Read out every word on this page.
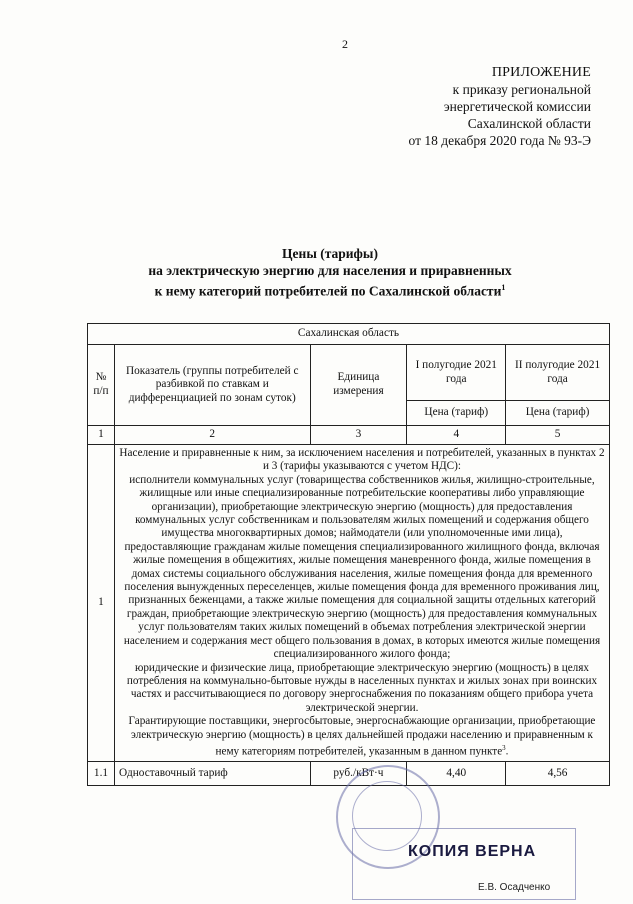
2
ПРИЛОЖЕНИЕ
к приказу региональной
энергетической комиссии
Сахалинской области
от 18 декабря 2020 года № 93-Э
Цены (тарифы)
на электрическую энергию для населения и приравненных
к нему категорий потребителей по Сахалинской области$^1$
Сахалинская область				
№ п/п	Показатель (группы потребителей с разбивкой по ставкам и дифференциацией по зонам суток)	Единица измерения	I полугодие 2021 года	II полугодие 2021 года
			Цена (тариф)	Цена (тариф)
1	2	3	4	5
1	Население и приравненные к ним, за исключением населения и потребителей, указанных в пунктах 2 и 3 (тарифы указываются с учетом НДС):

исполнители коммунальных услуг (товарищества собственников жилья, жилищно-строительные, жилищные или иные специализированные потребительские кооперативы либо управляющие организации), приобретающие электрическую энергию (мощность) для предоставления коммунальных услуг собственникам и пользователям жилых помещений и содержания общего имущества многоквартирных домов; наймодатели (или уполномоченные ими лица), предоставляющие гражданам жилые помещения специализированного жилищного фонда, включая жилые помещения в общежитиях, жилые помещения маневренного фонда, жилые помещения в домах системы социального обслуживания населения, жилые помещения фонда для временного поселения вынужденных переселенцев, жилые помещения фонда для временного проживания лиц, признанных беженцами, а также жилые помещения для социальной защиты отдельных категорий граждан, приобретающие электрическую энергию (мощность) для предоставления коммунальных услуг пользователям таких жилых помещений в объемах потребления электрической энергии населением и содержания мест общего пользования в домах, в которых имеются жилые помещения специализированного жилого фонда;

юридические и физические лица, приобретающие электрическую энергию (мощность) в целях потребления на коммунально-бытовые нужды в населенных пунктах и жилых зонах при воинских частях и рассчитывающиеся по договору энергоснабжения по показаниям общего прибора учета электрической энергии.

Гарантирующие поставщики, энергосбытовые, энергоснабжающие организации, приобретающие электрическую энергию (мощность) в целях дальнейшей продажи населению и приравненным к нему категориям потребителей, указанным в данном пункте$^3$.			

1.1	Одноставочный тариф	руб./кВт·ч	4,40	4,56
КОПИЯ ВЕРНА
Е.В. Осадченко
